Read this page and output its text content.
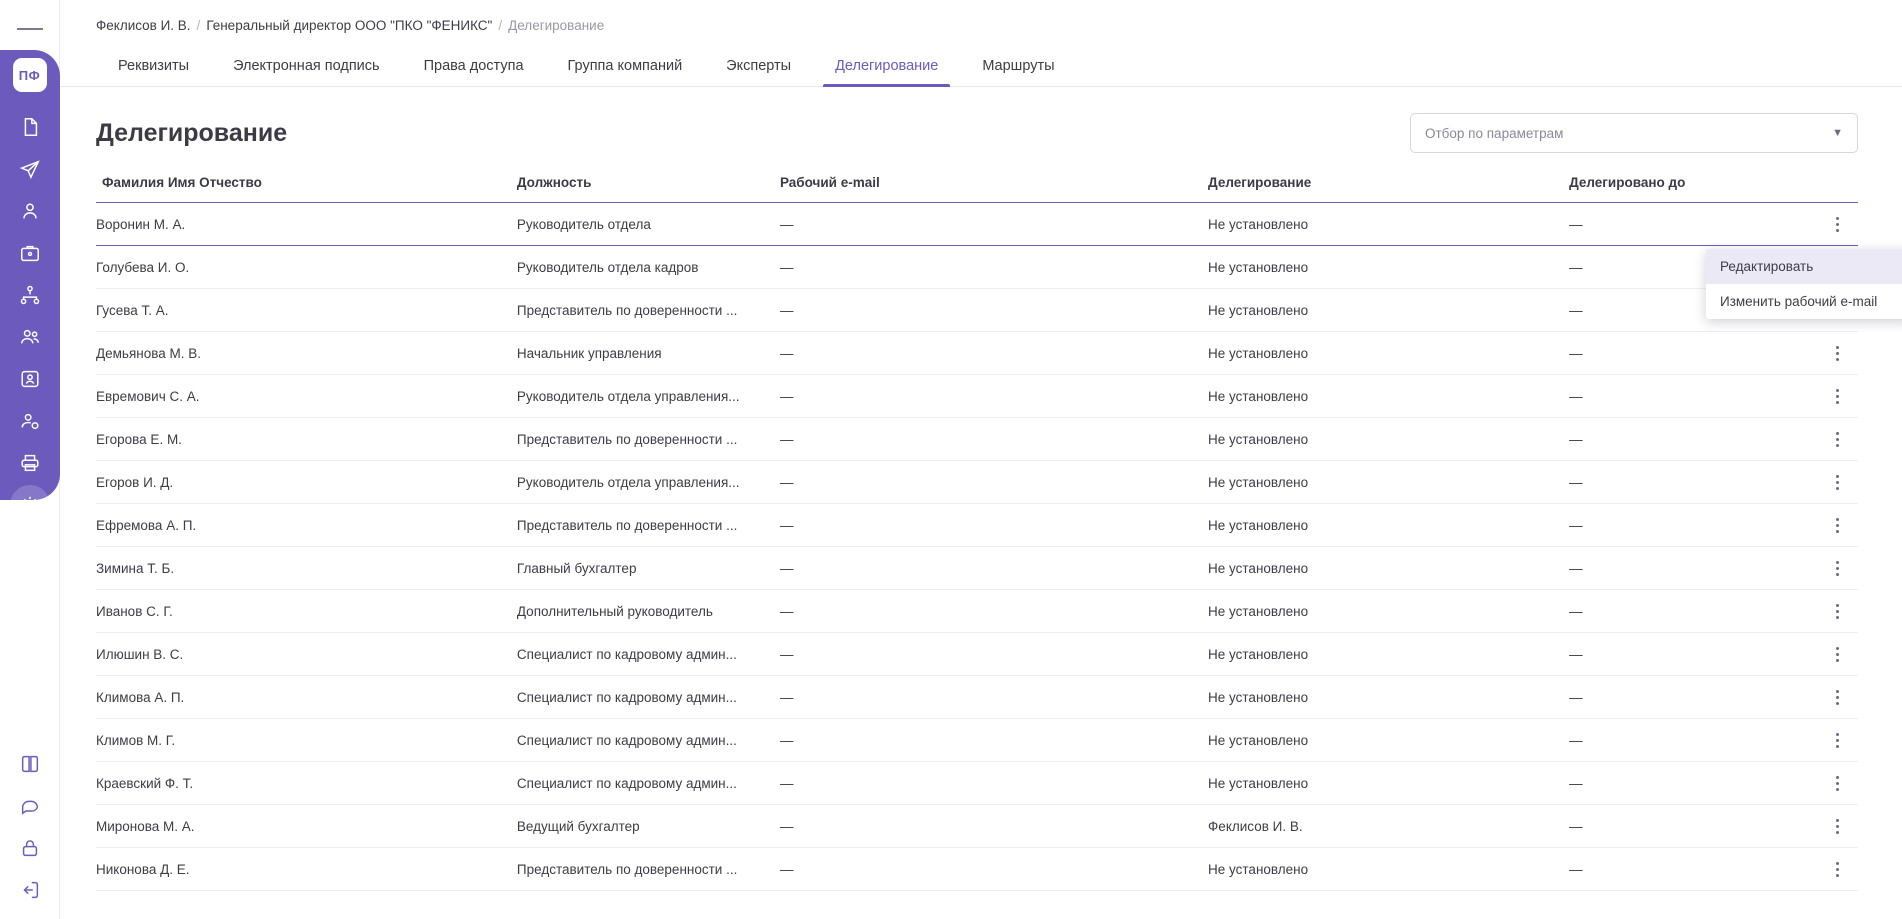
ПФ
Феклисов И. В. / Генеральный директор ООО "ПКО "ФЕНИКС" / Делегирование
Реквизиты	Электронная подпись	Права доступа	Группа компаний	Эксперты	Делегирование	Маршруты
Делегирование	Отбор по параметрам	▼
Фамилия Имя Отчество	Должность	Рабочий e-mail	Делегирование	Делегировано до	
Воронин М. А.	Руководитель отдела	—	Не установлено	—	

Голубева И. О.	Руководитель отдела кадров	—	Не установлено	—	

Гусева Т. А.	Представитель по доверенности ...	—	Не установлено	—	

Демьянова М. В.	Начальник управления	—	Не установлено	—	

Евремович С. А.	Руководитель отдела управления...	—	Не установлено	—	

Егорова Е. М.	Представитель по доверенности ...	—	Не установлено	—	

Егоров И. Д.	Руководитель отдела управления...	—	Не установлено	—	

Ефремова А. П.	Представитель по доверенности ...	—	Не установлено	—	

Зимина Т. Б.	Главный бухгалтер	—	Не установлено	—	

Иванов С. Г.	Дополнительный руководитель	—	Не установлено	—	

Илюшин В. С.	Специалист по кадровому админ...	—	Не установлено	—	

Климова А. П.	Специалист по кадровому админ...	—	Не установлено	—	

Климов М. Г.	Специалист по кадровому админ...	—	Не установлено	—	

Краевский Ф. Т.	Специалист по кадровому админ...	—	Не установлено	—	

Миронова М. А.	Ведущий бухгалтер	—	Феклисов И. В.	—	

Никонова Д. Е.	Представитель по доверенности ...	—	Не установлено	—	
Редактировать
Изменить рабочий e-mail
